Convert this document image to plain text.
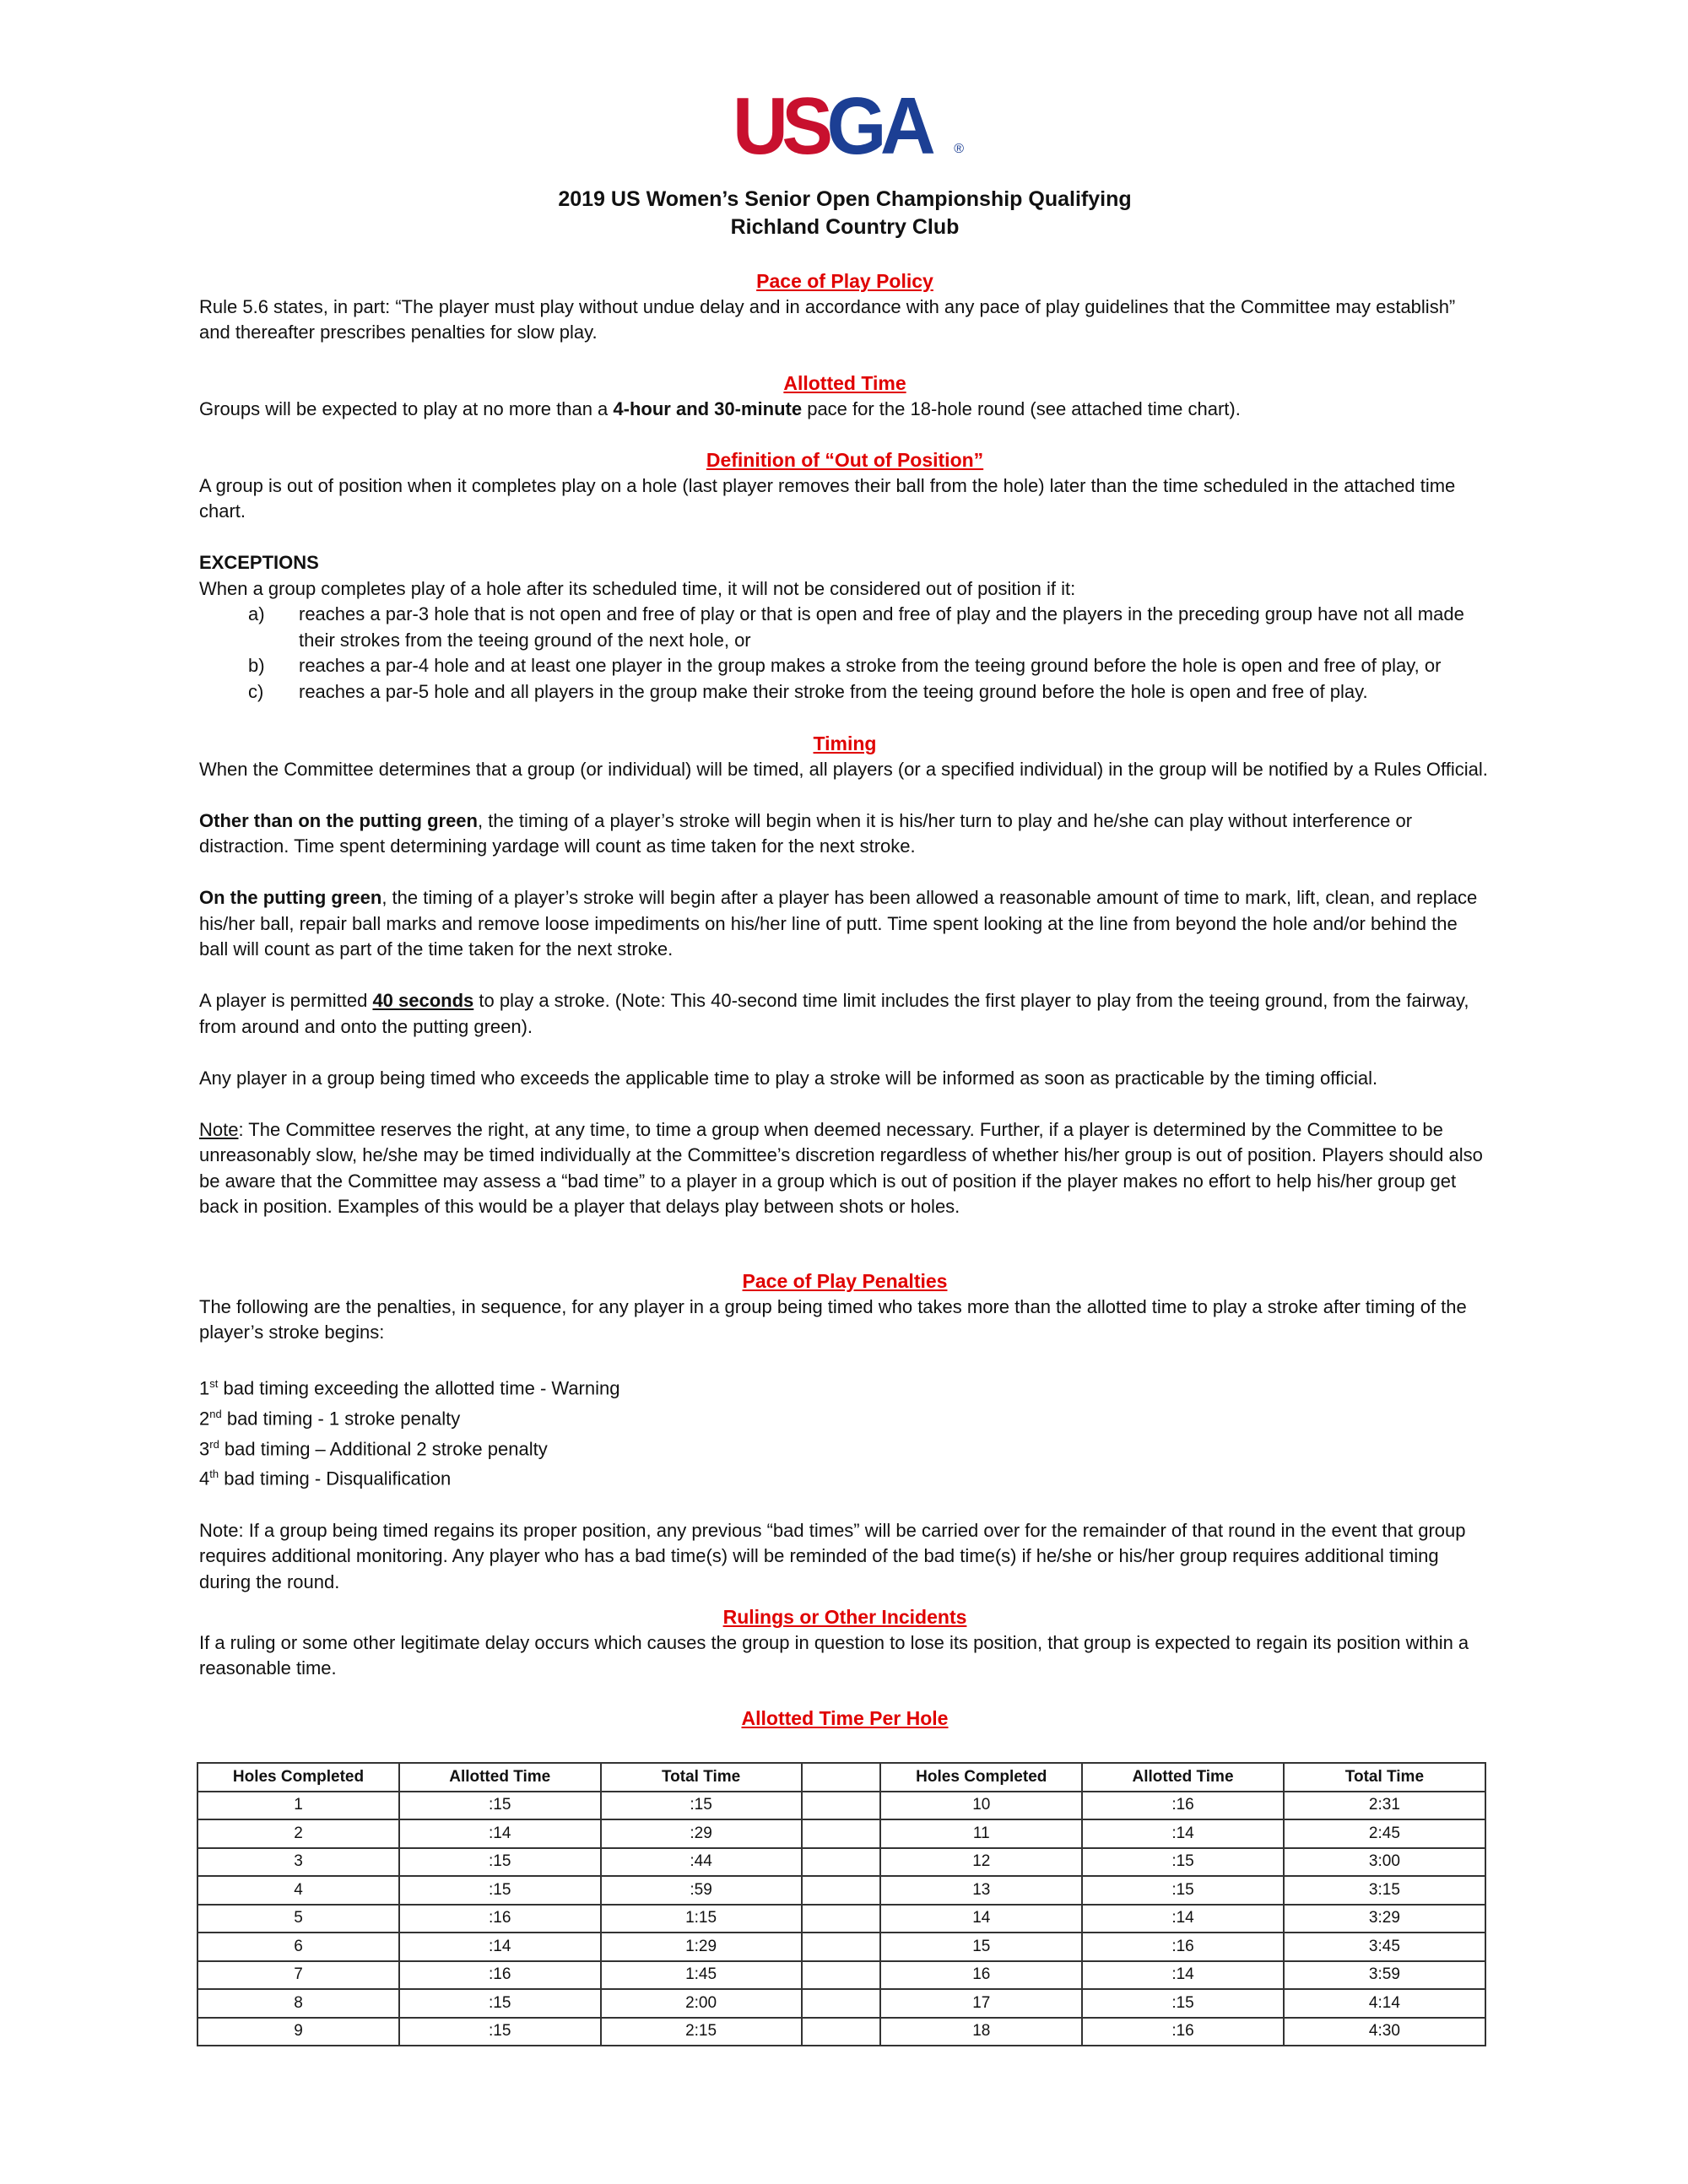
USGA	®
2019 US Women’s Senior Open Championship Qualifying
Richland Country Club
Pace of Play Policy
Rule 5.6 states, in part: “The player must play without undue delay and in accordance with any pace of play guidelines that the Committee may establish” and thereafter prescribes penalties for slow play.
Allotted Time
Groups will be expected to play at no more than a 4-hour and 30-minute pace for the 18-hole round (see attached time chart).
Definition of “Out of Position”
A group is out of position when it completes play on a hole (last player removes their ball from the hole) later than the time scheduled in the attached time chart.
EXCEPTIONS
When a group completes play of a hole after its scheduled time, it will not be considered out of position if it:
a)	reaches a par-3 hole that is not open and free of play or that is open and free of play and the players in the preceding group have not all made their strokes from the teeing ground of the next hole, or
b)	reaches a par-4 hole and at least one player in the group makes a stroke from the teeing ground before the hole is open and free of play, or
c)	reaches a par-5 hole and all players in the group make their stroke from the teeing ground before the hole is open and free of play.
Timing
When the Committee determines that a group (or individual) will be timed, all players (or a specified individual) in the group will be notified by a Rules Official.

Other than on the putting green, the timing of a player’s stroke will begin when it is his/her turn to play and he/she can play without interference or distraction. Time spent determining yardage will count as time taken for the next stroke.

On the putting green, the timing of a player’s stroke will begin after a player has been allowed a reasonable amount of time to mark, lift, clean, and replace his/her ball, repair ball marks and remove loose impediments on his/her line of putt. Time spent looking at the line from beyond the hole and/or behind the ball will count as part of the time taken for the next stroke.

A player is permitted 40 seconds to play a stroke. (Note: This 40-second time limit includes the first player to play from the teeing ground, from the fairway, from around and onto the putting green).

Any player in a group being timed who exceeds the applicable time to play a stroke will be informed as soon as practicable by the timing official.

Note: The Committee reserves the right, at any time, to time a group when deemed necessary. Further, if a player is determined by the Committee to be unreasonably slow, he/she may be timed individually at the Committee’s discretion regardless of whether his/her group is out of position. Players should also be aware that the Committee may assess a “bad time” to a player in a group which is out of position if the player makes no effort to help his/her group get back in position. Examples of this would be a player that delays play between shots or holes.
Pace of Play Penalties
The following are the penalties, in sequence, for any player in a group being timed who takes more than the allotted time to play a stroke after timing of the player’s stroke begins:

1st bad timing exceeding the allotted time - Warning
2nd bad timing - 1 stroke penalty
3rd bad timing – Additional 2 stroke penalty
4th bad timing - Disqualification

Note: If a group being timed regains its proper position, any previous “bad times” will be carried over for the remainder of that round in the event that group requires additional monitoring. Any player who has a bad time(s) will be reminded of the bad time(s) if he/she or his/her group requires additional timing during the round.
Rulings or Other Incidents
If a ruling or some other legitimate delay occurs which causes the group in question to lose its position, that group is expected to regain its position within a reasonable time.
Allotted Time Per Hole
Holes Completed	Allotted Time	Total Time		Holes Completed	Allotted Time	Total Time
1	:15	:15		10	:16	2:31
2	:14	:29		11	:14	2:45
3	:15	:44		12	:15	3:00
4	:15	:59		13	:15	3:15
5	:16	1:15		14	:14	3:29
6	:14	1:29		15	:16	3:45
7	:16	1:45		16	:14	3:59
8	:15	2:00		17	:15	4:14
9	:15	2:15		18	:16	4:30
